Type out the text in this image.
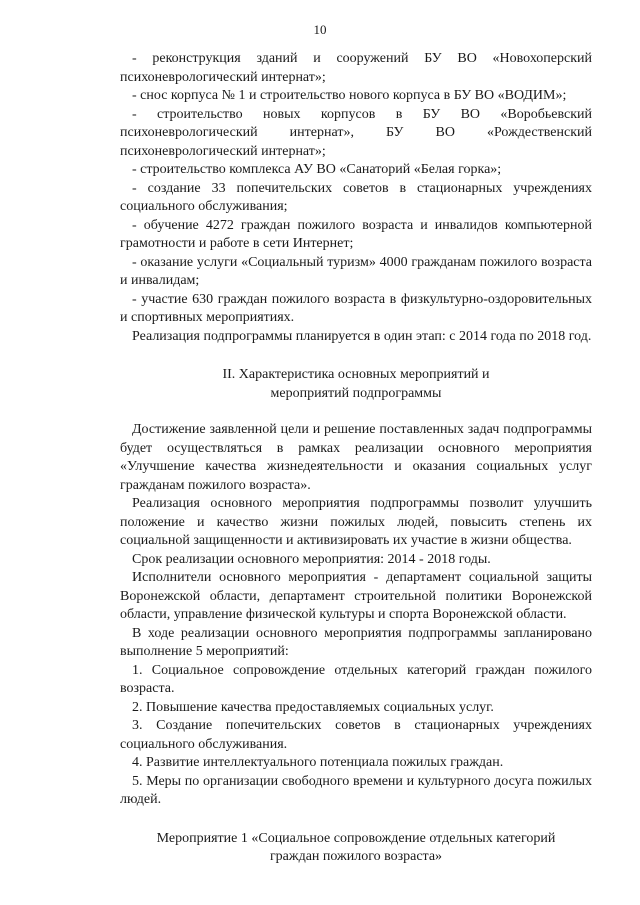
10

- реконструкция зданий и сооружений БУ ВО «Новохоперский психоневрологический интернат»;

- снос корпуса № 1 и строительство нового корпуса в БУ ВО «ВОДИМ»;

- строительство новых корпусов в БУ ВО «Воробьевский психоневрологический интернат», БУ ВО «Рождественский психоневрологический интернат»;

- строительство комплекса АУ ВО «Санаторий «Белая горка»;

- создание 33 попечительских советов в стационарных учреждениях социального обслуживания;

- обучение 4272 граждан пожилого возраста и инвалидов компьютерной грамотности и работе в сети Интернет;

- оказание услуги «Социальный туризм» 4000 гражданам пожилого возраста и инвалидам;

- участие 630 граждан пожилого возраста в физкультурно-оздоровительных и спортивных мероприятиях.

Реализация подпрограммы планируется в один этап: с 2014 года по 2018 год.

II. Характеристика основных мероприятий и

мероприятий подпрограммы

Достижение заявленной цели и решение поставленных задач подпрограммы будет осуществляться в рамках реализации основного мероприятия «Улучшение качества жизнедеятельности и оказания социальных услуг гражданам пожилого возраста».

Реализация основного мероприятия подпрограммы позволит улучшить положение и качество жизни пожилых людей, повысить степень их социальной защищенности и активизировать их участие в жизни общества.

Срок реализации основного мероприятия: 2014 - 2018 годы.

Исполнители основного мероприятия - департамент социальной защиты Воронежской области, департамент строительной политики Воронежской области, управление физической культуры и спорта Воронежской области.

В ходе реализации основного мероприятия подпрограммы запланировано выполнение 5 мероприятий:

1. Социальное сопровождение отдельных категорий граждан пожилого возраста.

2. Повышение качества предоставляемых социальных услуг.

3. Создание попечительских советов в стационарных учреждениях социального обслуживания.

4. Развитие интеллектуального потенциала пожилых граждан.

5. Меры по организации свободного времени и культурного досуга пожилых людей.

Мероприятие 1 «Социальное сопровождение отдельных категорий

граждан пожилого возраста»
